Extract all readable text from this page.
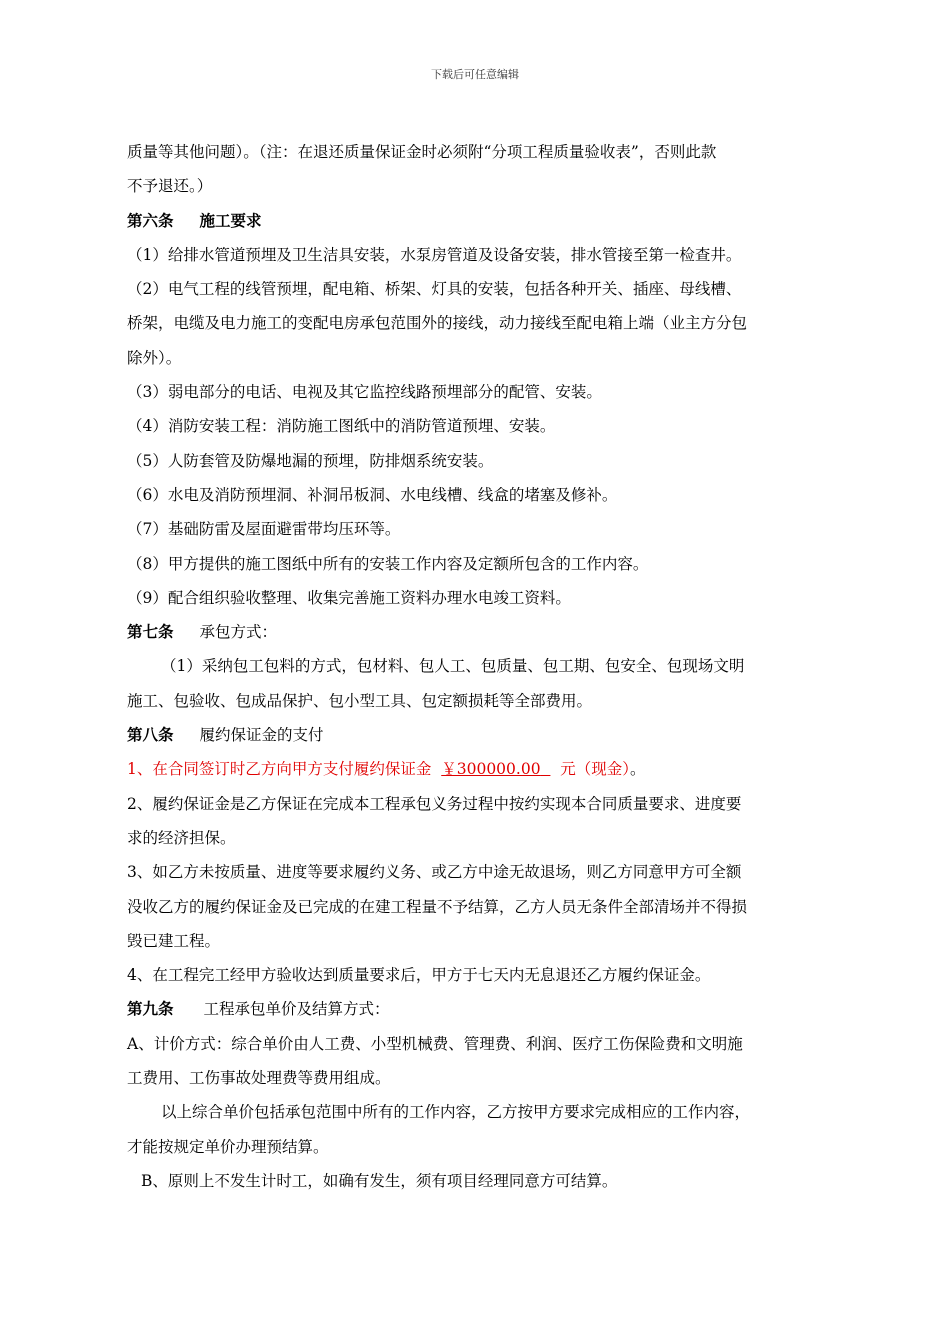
下载后可任意编辑
质量等其他问题）。（注：在退还质量保证金时必须附“分项工程质量验收表”，否则此款
不予退还。）
第六条 施工要求
（1）给排水管道预埋及卫生洁具安装，水泵房管道及设备安装，排水管接至第一检查井。
（2）电气工程的线管预埋，配电箱、桥架、灯具的安装，包括各种开关、插座、母线槽、
桥架，电缆及电力施工的变配电房承包范围外的接线，动力接线至配电箱上端（业主方分包
除外）。
（3）弱电部分的电话、电视及其它监控线路预埋部分的配管、安装。
（4）消防安装工程：消防施工图纸中的消防管道预埋、安装。
（5）人防套管及防爆地漏的预埋，防排烟系统安装。
（6）水电及消防预埋洞、补洞吊板洞、水电线槽、线盒的堵塞及修补。
（7）基础防雷及屋面避雷带均压环等。
（8）甲方提供的施工图纸中所有的安装工作内容及定额所包含的工作内容。
（9）配合组织验收整理、收集完善施工资料办理水电竣工资料。
第七条 承包方式：
（1）采纳包工包料的方式，包材料、包人工、包质量、包工期、包安全、包现场文明
施工、包验收、包成品保护、包小型工具、包定额损耗等全部费用。
第八条 履约保证金的支付
1、在合同签订时乙方向甲方支付履约保证金 ￥300000.00 元（现金）。
2、履约保证金是乙方保证在完成本工程承包义务过程中按约实现本合同质量要求、进度要
求的经济担保。
3、如乙方未按质量、进度等要求履约义务、或乙方中途无故退场，则乙方同意甲方可全额
没收乙方的履约保证金及已完成的在建工程量不予结算，乙方人员无条件全部清场并不得损
毁已建工程。
4、在工程完工经甲方验收达到质量要求后，甲方于七天内无息退还乙方履约保证金。
第九条 工程承包单价及结算方式：
A、计价方式：综合单价由人工费、小型机械费、管理费、利润、医疗工伤保险费和文明施
工费用、工伤事故处理费等费用组成。
以上综合单价包括承包范围中所有的工作内容，乙方按甲方要求完成相应的工作内容，
才能按规定单价办理预结算。
B、原则上不发生计时工，如确有发生，须有项目经理同意方可结算。
